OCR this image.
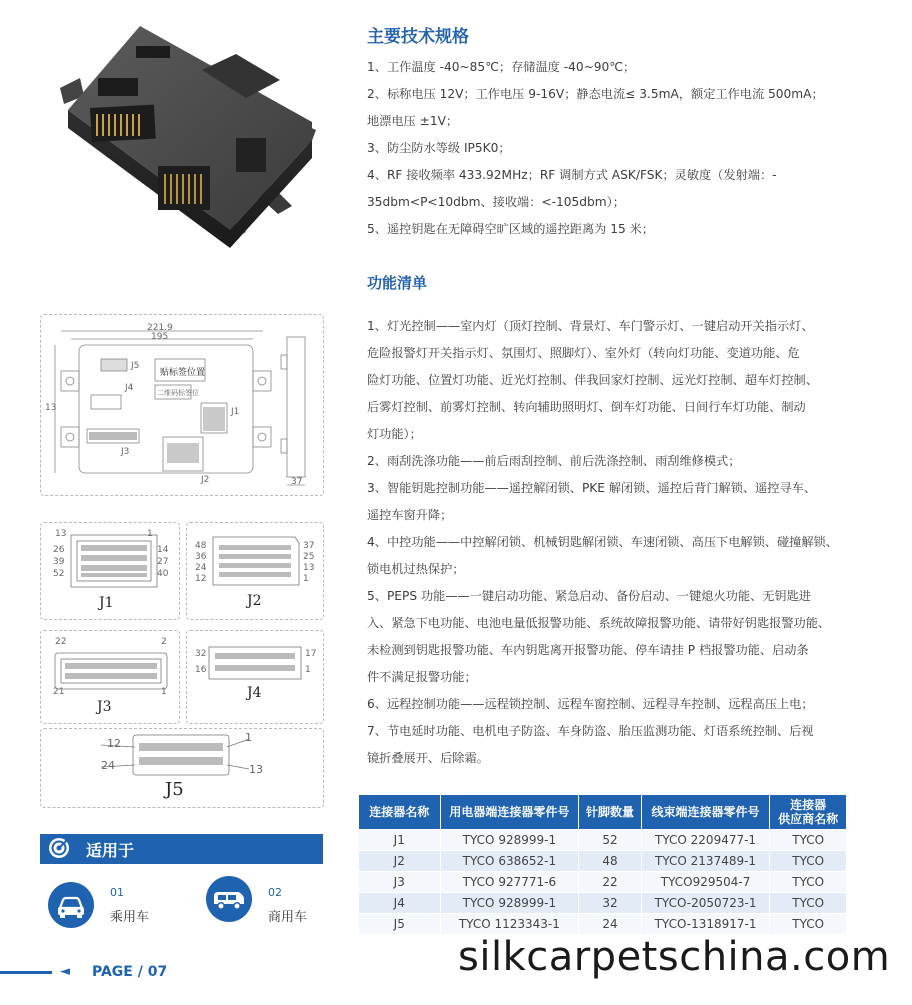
221.9
195
13
37
贴标签位置
二维码标签位
J5
J4
J3
J1
J2
13
26
39
52
1
14
27
40
J1
48
36
24
12
37
25
13
1
J2
22
21
2
1
J3
32
16
17
1
J4
12
24
1
13
J5
适用于
01
乘用车
02
商用车
主要技术规格

1、工作温度 -40~85℃；存储温度 -40~90℃；

2、标称电压 12V；工作电压 9-16V；静态电流≤ 3.5mA，额定工作电流 500mA；

地漂电压 ±1V；

3、防尘防水等级 IP5K0；

4、RF 接收频率 433.92MHz；RF 调制方式 ASK/FSK；灵敏度（发射端：-

35dbm<P<10dbm、接收端：<-105dbm）；

5、遥控钥匙在无障碍空旷区域的遥控距离为 15 米；

功能清单

1、灯光控制——室内灯（顶灯控制、背景灯、车门警示灯、一键启动开关指示灯、

危险报警灯开关指示灯、氛围灯、照脚灯）、室外灯（转向灯功能、变道功能、危

险灯功能、位置灯功能、近光灯控制、伴我回家灯控制、远光灯控制、超车灯控制、

后雾灯控制、前雾灯控制、转向辅助照明灯、倒车灯功能、日间行车灯功能、制动

灯功能）；

2、雨刮洗涤功能——前后雨刮控制、前后洗涤控制、雨刮维修模式；

3、智能钥匙控制功能——遥控解闭锁、PKE 解闭锁、遥控后背门解锁、遥控寻车、

遥控车窗升降；

4、中控功能——中控解闭锁、机械钥匙解闭锁、车速闭锁、高压下电解锁、碰撞解锁、

锁电机过热保护；

5、PEPS 功能——一键启动功能、紧急启动、备份启动、一键熄火功能、无钥匙进

入、紧急下电功能、电池电量低报警功能、系统故障报警功能、请带好钥匙报警功能、

未检测到钥匙报警功能、车内钥匙离开报警功能、停车请挂 P 档报警功能、启动条

件不满足报警功能；

6、远程控制功能——远程锁控制、远程车窗控制、远程寻车控制、远程高压上电；

7、节电延时功能、电机电子防盗、车身防盗、胎压监测功能、灯语系统控制、后视

镜折叠展开、后除霜。

连接器名称	用电器端连接器零件号	针脚数量	线束端连接器零件号	连接器
供应商名称

J1	TYCO 928999-1	52	TYCO 2209477-1	TYCO
J2	TYCO 638652-1	48	TYCO 2137489-1	TYCO
J3	TYCO 927771-6	22	TYCO929504-7	TYCO
J4	TYCO 928999-1	32	TYCO-2050723-1	TYCO
J5	TYCO 1123343-1	24	TYCO-1318917-1	TYCO
◄ PAGE / 07	silkcarpetschina.com
